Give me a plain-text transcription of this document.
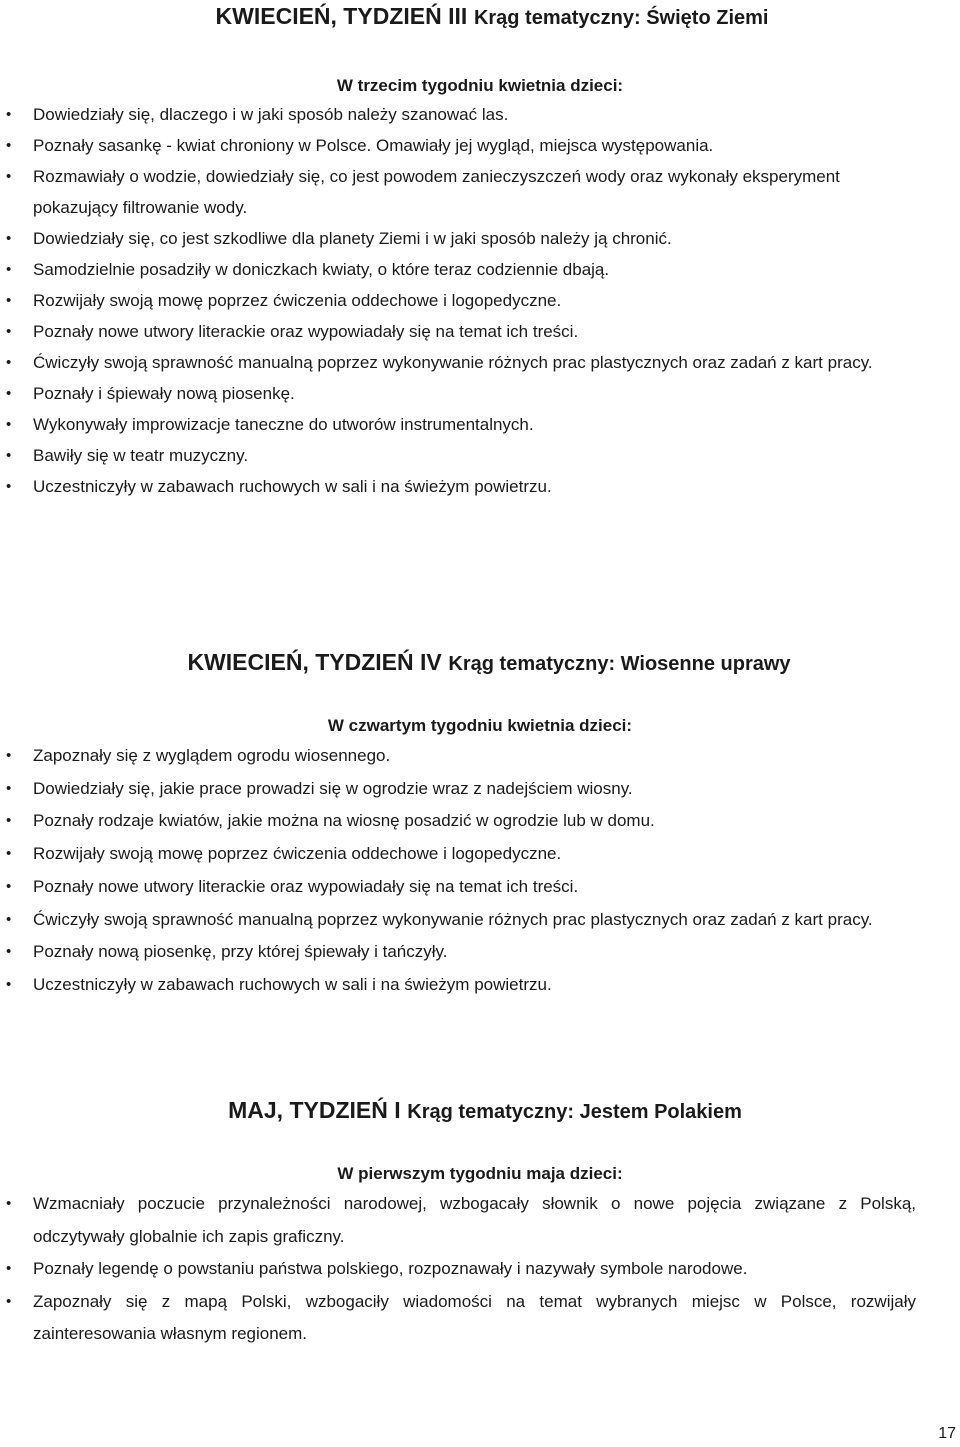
KWIECIEŃ, TYDZIEŃ III Krąg tematyczny: Święto Ziemi

W trzecim tygodniu kwietnia dzieci:

• Dowiedziały się, dlaczego i w jaki sposób należy szanować las.
• Poznały sasankę - kwiat chroniony w Polsce. Omawiały jej wygląd, miejsca występowania.
• Rozmawiały o wodzie, dowiedziały się, co jest powodem zanieczyszczeń wody oraz wykonały eksperyment pokazujący filtrowanie wody.
• Dowiedziały się, co jest szkodliwe dla planety Ziemi i w jaki sposób należy ją chronić.
• Samodzielnie posadziły w doniczkach kwiaty, o które teraz codziennie dbają.
• Rozwijały swoją mowę poprzez ćwiczenia oddechowe i logopedyczne.
• Poznały nowe utwory literackie oraz wypowiadały się na temat ich treści.
• Ćwiczyły swoją sprawność manualną poprzez wykonywanie różnych prac plastycznych oraz zadań z kart pracy.
• Poznały i śpiewały nową piosenkę.
• Wykonywały improwizacje taneczne do utworów instrumentalnych.
• Bawiły się w teatr muzyczny.
• Uczestniczyły w zabawach ruchowych w sali i na świeżym powietrzu.
KWIECIEŃ, TYDZIEŃ IV Krąg tematyczny: Wiosenne uprawy

W czwartym tygodniu kwietnia dzieci:

• Zapoznały się z wyglądem ogrodu wiosennego.
• Dowiedziały się, jakie prace prowadzi się w ogrodzie wraz z nadejściem wiosny.
• Poznały rodzaje kwiatów, jakie można na wiosnę posadzić w ogrodzie lub w domu.
• Rozwijały swoją mowę poprzez ćwiczenia oddechowe i logopedyczne.
• Poznały nowe utwory literackie oraz wypowiadały się na temat ich treści.
• Ćwiczyły swoją sprawność manualną poprzez wykonywanie różnych prac plastycznych oraz zadań z kart pracy.
• Poznały nową piosenkę, przy której śpiewały i tańczyły.
• Uczestniczyły w zabawach ruchowych w sali i na świeżym powietrzu.
MAJ, TYDZIEŃ I Krąg tematyczny: Jestem Polakiem

W pierwszym tygodniu maja dzieci:

• Wzmacniały poczucie przynależności narodowej, wzbogacały słownik o nowe pojęcia związane z Polską, odczytywały globalnie ich zapis graficzny.
• Poznały legendę o powstaniu państwa polskiego, rozpoznawały i nazywały symbole narodowe.
• Zapoznały się z mapą Polski, wzbogaciły wiadomości na temat wybranych miejsc w Polsce, rozwijały zainteresowania własnym regionem.
17
